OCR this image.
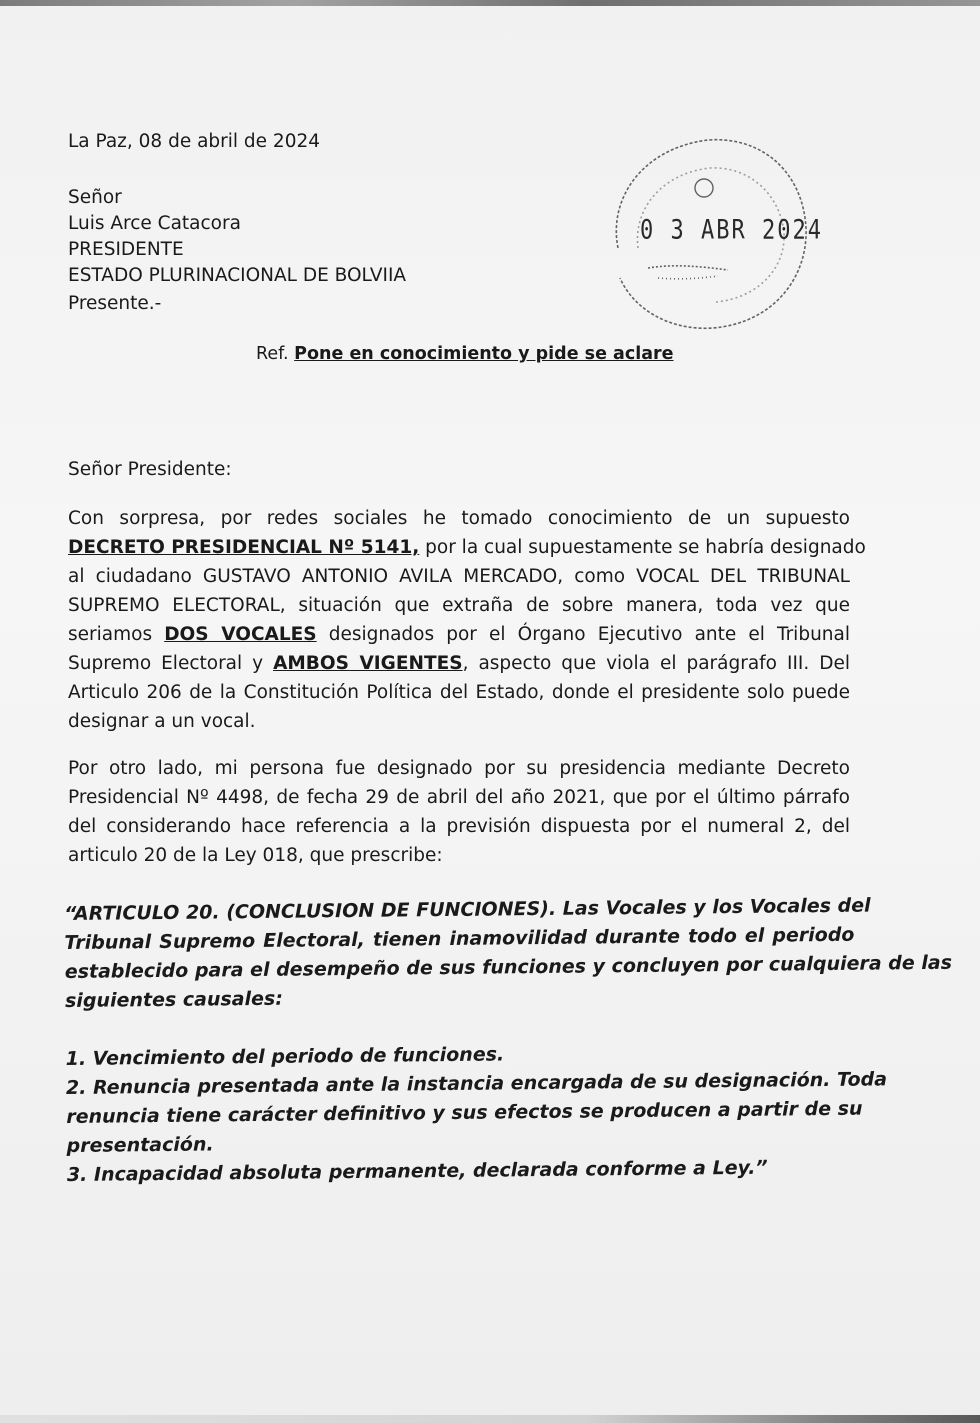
La Paz, 08 de abril de 2024
Señor
Luis Arce Catacora
PRESIDENTE
ESTADO PLURINACIONAL DE BOLVIIA
Presente.-
0 3 ABR 2024
Ref. Pone en conocimiento y pide se aclare
Señor Presidente:
Con sorpresa, por redes sociales he tomado conocimiento de un supuesto
DECRETO PRESIDENCIAL Nº 5141, por la cual supuestamente se habría designado
al ciudadano GUSTAVO ANTONIO AVILA MERCADO, como VOCAL DEL TRIBUNAL
SUPREMO ELECTORAL, situación que extraña de sobre manera, toda vez que
seriamos DOS VOCALES designados por el Órgano Ejecutivo ante el Tribunal
Supremo Electoral y AMBOS VIGENTES, aspecto que viola el parágrafo III. Del
Articulo 206 de la Constitución Política del Estado, donde el presidente solo puede
designar a un vocal.
Por otro lado, mi persona fue designado por su presidencia mediante Decreto
Presidencial Nº 4498, de fecha 29 de abril del año 2021, que por el último párrafo
del considerando hace referencia a la previsión dispuesta por el numeral 2, del
articulo 20 de la Ley 018, que prescribe:
“ARTICULO 20. (CONCLUSION DE FUNCIONES). Las Vocales y los Vocales del
Tribunal Supremo Electoral, tienen inamovilidad durante todo el periodo
establecido para el desempeño de sus funciones y concluyen por cualquiera de las
siguientes causales:
1. Vencimiento del periodo de funciones.
2. Renuncia presentada ante la instancia encargada de su designación. Toda
renuncia tiene carácter definitivo y sus efectos se producen a partir de su
presentación.
3. Incapacidad absoluta permanente, declarada conforme a Ley.”
